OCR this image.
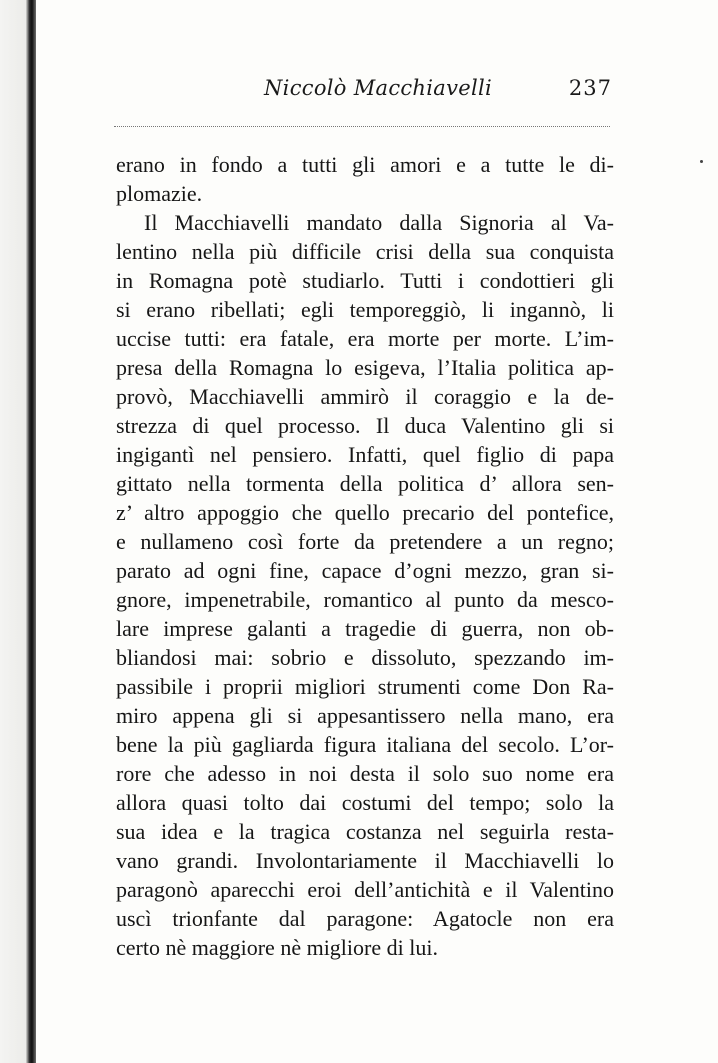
Niccolò Macchiavelli	237
erano in fondo a tutti gli amori e a tutte le di-
plomazie.
Il Macchiavelli mandato dalla Signoria al Va-
lentino nella più difficile crisi della sua conquista
in Romagna potè studiarlo. Tutti i condottieri gli
si erano ribellati; egli temporeggiò, li ingannò, li
uccise tutti: era fatale, era morte per morte. L’im-
presa della Romagna lo esigeva, l’Italia politica ap-
provò, Macchiavelli ammirò il coraggio e la de-
strezza di quel processo. Il duca Valentino gli si
ingigantì nel pensiero. Infatti, quel figlio di papa
gittato nella tormenta della politica d’ allora sen-
z’ altro appoggio che quello precario del pontefice,
e nullameno così forte da pretendere a un regno;
parato ad ogni fine, capace d’ogni mezzo, gran si-
gnore, impenetrabile, romantico al punto da mesco-
lare imprese galanti a tragedie di guerra, non ob-
bliandosi mai: sobrio e dissoluto, spezzando im-
passibile i proprii migliori strumenti come Don Ra-
miro appena gli si appesantissero nella mano, era
bene la più gagliarda figura italiana del secolo. L’or-
rore che adesso in noi desta il solo suo nome era
allora quasi tolto dai costumi del tempo; solo la
sua idea e la tragica costanza nel seguirla resta-
vano grandi. Involontariamente il Macchiavelli lo
paragonò aparecchi eroi dell’antichità e il Valentino
uscì trionfante dal paragone: Agatocle non era
certo nè maggiore nè migliore di lui.
